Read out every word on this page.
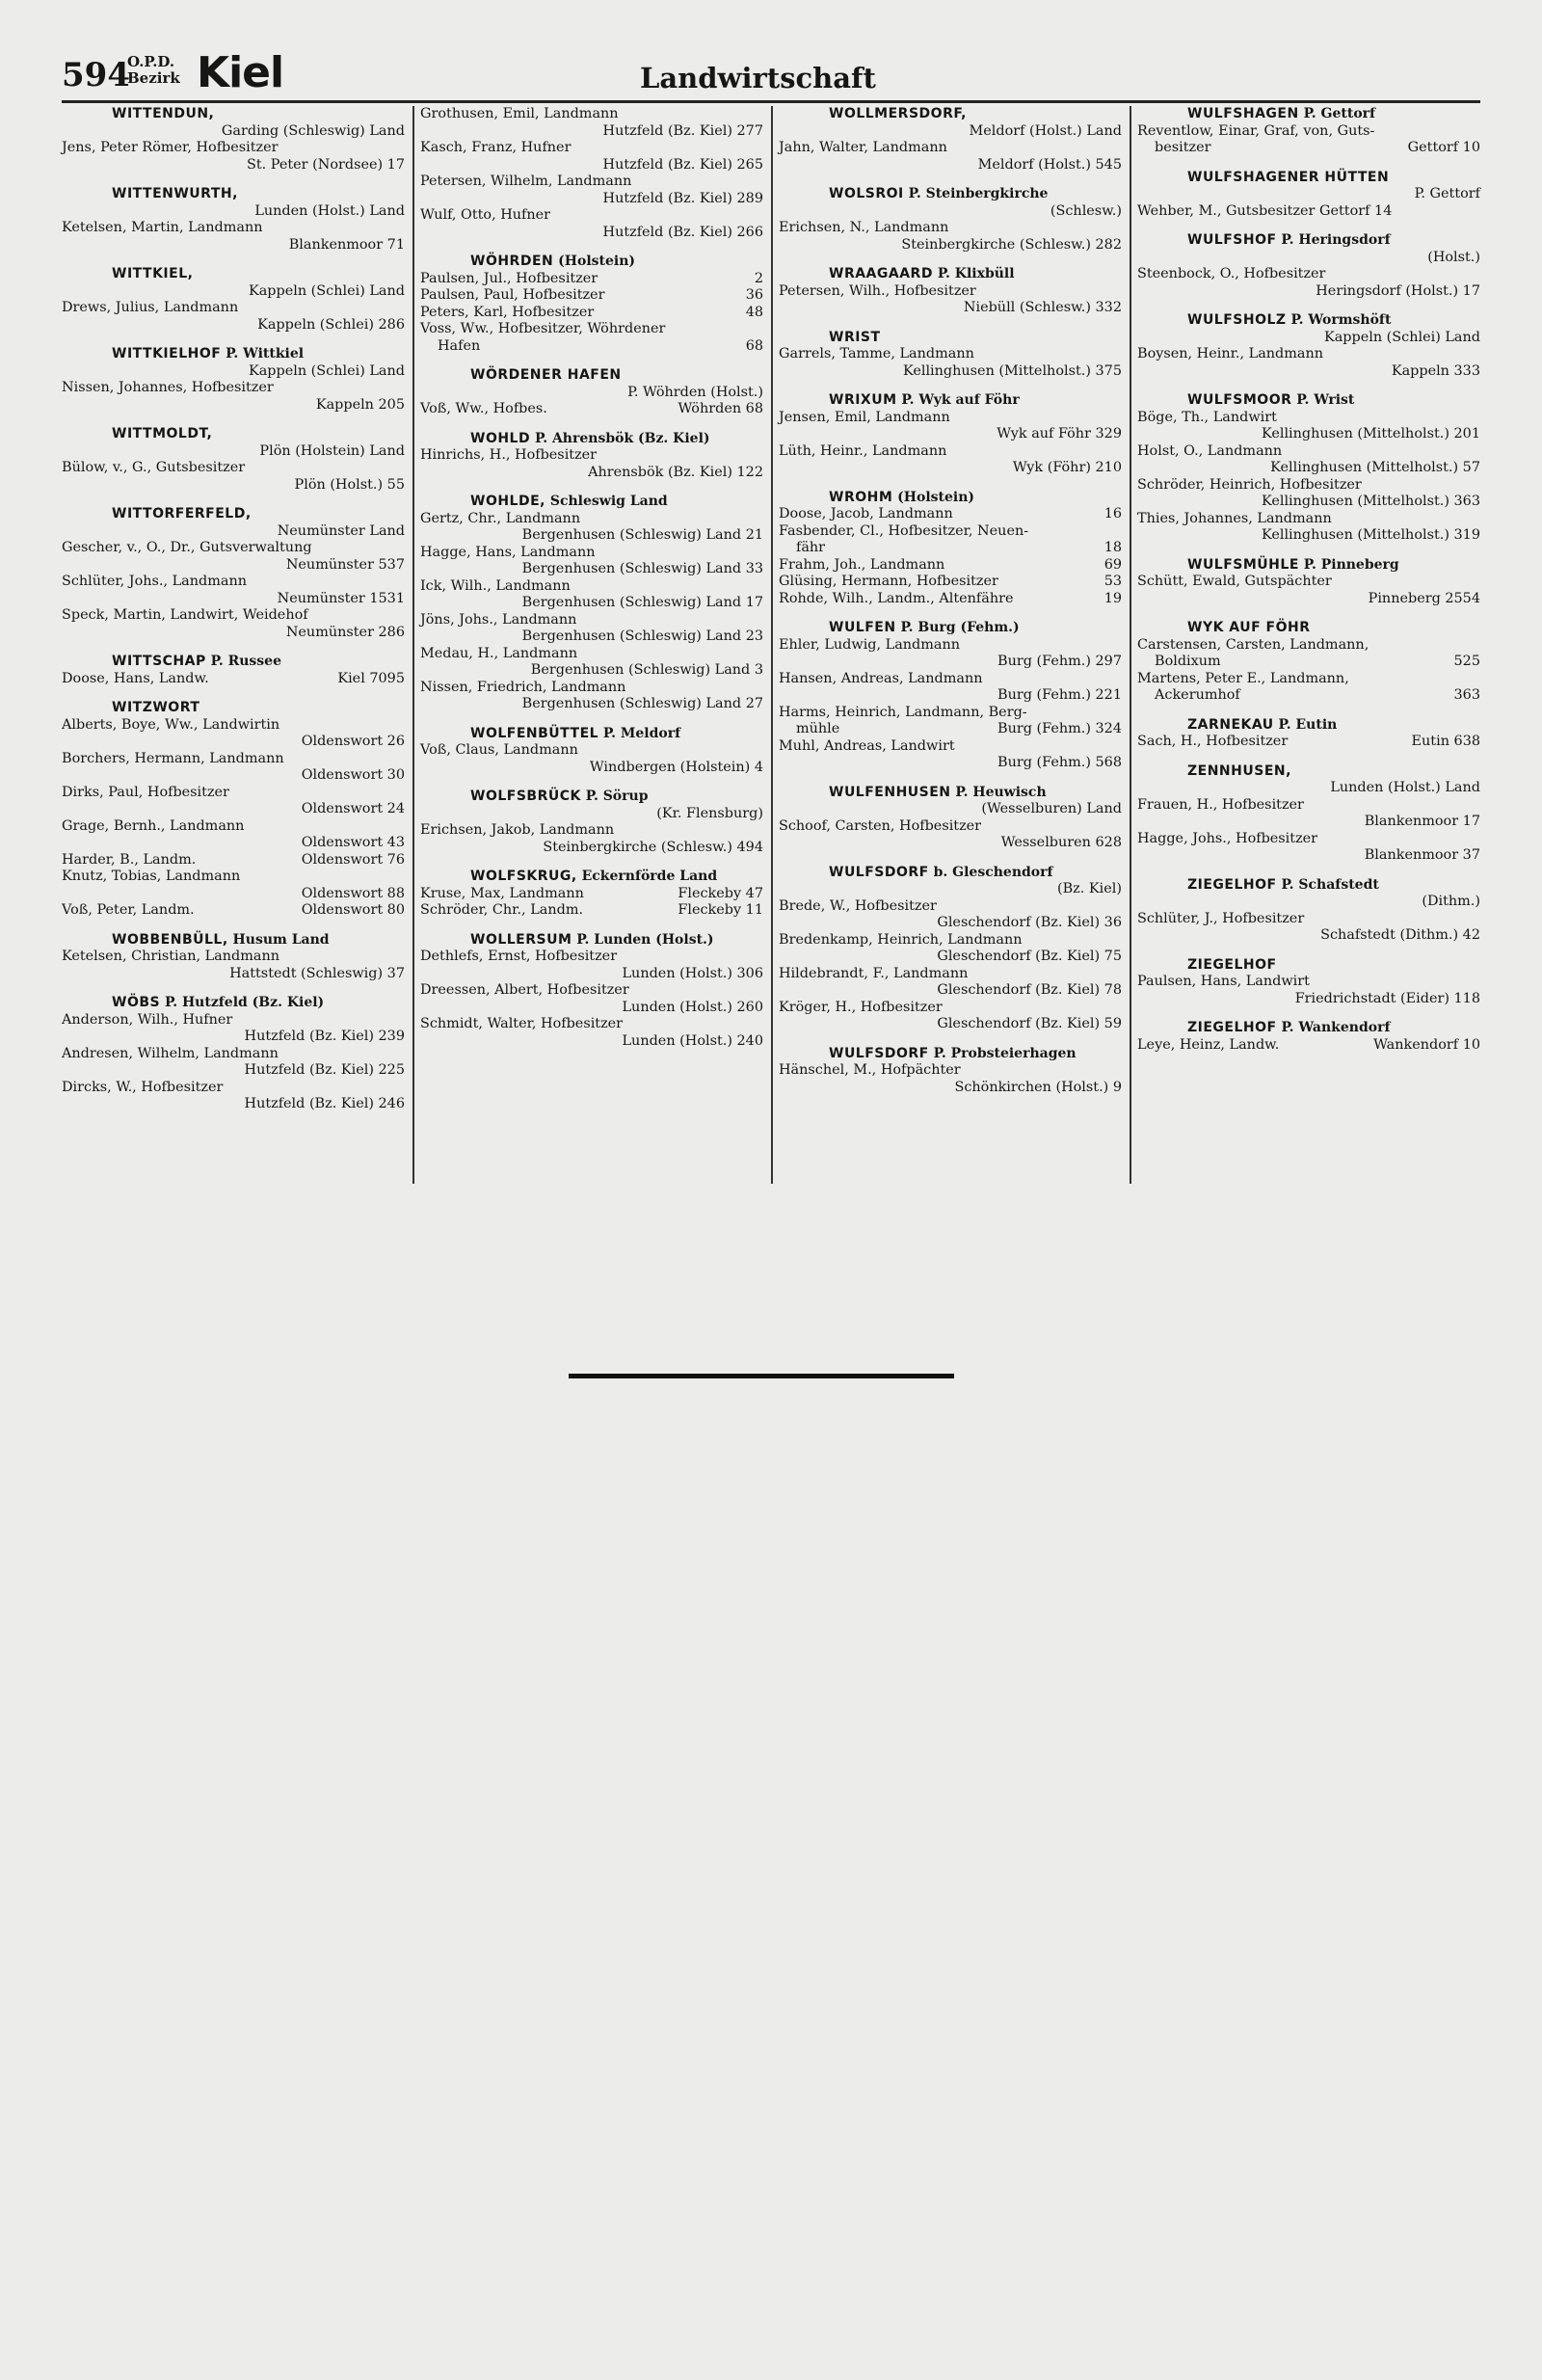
594
O.P.D.
Bezirk Kiel	Landwirtschaft
WITTENDUN,
Garding (Schleswig) Land
Jens, Peter Römer, Hofbesitzer
St. Peter (Nordsee) 17
WITTENWURTH,
Lunden (Holst.) Land
Ketelsen, Martin, Landmann
Blankenmoor 71
WITTKIEL,
Kappeln (Schlei) Land
Drews, Julius, Landmann
Kappeln (Schlei) 286
WITTKIELHOF P. Wittkiel
Kappeln (Schlei) Land
Nissen, Johannes, Hofbesitzer
Kappeln 205
WITTMOLDT,
Plön (Holstein) Land
Bülow, v., G., Gutsbesitzer
Plön (Holst.) 55
WITTORFERFELD,
Neumünster Land
Gescher, v., O., Dr., Gutsverwaltung
Neumünster 537
Schlüter, Johs., Landmann
Neumünster 1531
Speck, Martin, Landwirt, Weidehof
Neumünster 286
WITTSCHAP P. Russee
Doose, Hans, Landw.	Kiel 7095
WITZWORT
Alberts, Boye, Ww., Landwirtin
Oldenswort 26
Borchers, Hermann, Landmann
Oldenswort 30
Dirks, Paul, Hofbesitzer
Oldenswort 24
Grage, Bernh., Landmann
Oldenswort 43
Harder, B., Landm.	Oldenswort 76
Knutz, Tobias, Landmann
Oldenswort 88
Voß, Peter, Landm.	Oldenswort 80
WOBBENBÜLL, Husum Land
Ketelsen, Christian, Landmann
Hattstedt (Schleswig) 37
WÖBS P. Hutzfeld (Bz. Kiel)
Anderson, Wilh., Hufner
Hutzfeld (Bz. Kiel) 239
Andresen, Wilhelm, Landmann
Hutzfeld (Bz. Kiel) 225
Dircks, W., Hofbesitzer
Hutzfeld (Bz. Kiel) 246
Grothusen, Emil, Landmann
Hutzfeld (Bz. Kiel) 277
Kasch, Franz, Hufner
Hutzfeld (Bz. Kiel) 265
Petersen, Wilhelm, Landmann
Hutzfeld (Bz. Kiel) 289
Wulf, Otto, Hufner
Hutzfeld (Bz. Kiel) 266
WÖHRDEN (Holstein)
Paulsen, Jul., Hofbesitzer	2
Paulsen, Paul, Hofbesitzer	36
Peters, Karl, Hofbesitzer	48
Voss, Ww., Hofbesitzer, Wöhrdener
Hafen	68
WÖRDENER HAFEN
P. Wöhrden (Holst.)
Voß, Ww., Hofbes.	Wöhrden 68
WOHLD P. Ahrensbök (Bz. Kiel)
Hinrichs, H., Hofbesitzer
Ahrensbök (Bz. Kiel) 122
WOHLDE, Schleswig Land
Gertz, Chr., Landmann
Bergenhusen (Schleswig) Land 21
Hagge, Hans, Landmann
Bergenhusen (Schleswig) Land 33
Ick, Wilh., Landmann
Bergenhusen (Schleswig) Land 17
Jöns, Johs., Landmann
Bergenhusen (Schleswig) Land 23
Medau, H., Landmann
Bergenhusen (Schleswig) Land 3
Nissen, Friedrich, Landmann
Bergenhusen (Schleswig) Land 27
WOLFENBÜTTEL P. Meldorf
Voß, Claus, Landmann
Windbergen (Holstein) 4
WOLFSBRÜCK P. Sörup
(Kr. Flensburg)
Erichsen, Jakob, Landmann
Steinbergkirche (Schlesw.) 494
WOLFSKRUG, Eckernförde Land
Kruse, Max, Landmann	Fleckeby 47
Schröder, Chr., Landm.	Fleckeby 11
WOLLERSUM P. Lunden (Holst.)
Dethlefs, Ernst, Hofbesitzer
Lunden (Holst.) 306
Dreessen, Albert, Hofbesitzer
Lunden (Holst.) 260
Schmidt, Walter, Hofbesitzer
Lunden (Holst.) 240
WOLLMERSDORF,
Meldorf (Holst.) Land
Jahn, Walter, Landmann
Meldorf (Holst.) 545
WOLSROI P. Steinbergkirche
(Schlesw.)
Erichsen, N., Landmann
Steinbergkirche (Schlesw.) 282
WRAAGAARD P. Klixbüll
Petersen, Wilh., Hofbesitzer
Niebüll (Schlesw.) 332
WRIST
Garrels, Tamme, Landmann
Kellinghusen (Mittelholst.) 375
WRIXUM P. Wyk auf Föhr
Jensen, Emil, Landmann
Wyk auf Föhr 329
Lüth, Heinr., Landmann
Wyk (Föhr) 210
WROHM (Holstein)
Doose, Jacob, Landmann	16
Fasbender, Cl., Hofbesitzer, Neuen-
fähr	18
Frahm, Joh., Landmann	69
Glüsing, Hermann, Hofbesitzer	53
Rohde, Wilh., Landm., Altenfähre	19
WULFEN P. Burg (Fehm.)
Ehler, Ludwig, Landmann
Burg (Fehm.) 297
Hansen, Andreas, Landmann
Burg (Fehm.) 221
Harms, Heinrich, Landmann, Berg-
mühle	Burg (Fehm.) 324
Muhl, Andreas, Landwirt
Burg (Fehm.) 568
WULFENHUSEN P. Heuwisch
(Wesselburen) Land
Schoof, Carsten, Hofbesitzer
Wesselburen 628
WULFSDORF b. Gleschendorf
(Bz. Kiel)
Brede, W., Hofbesitzer
Gleschendorf (Bz. Kiel) 36
Bredenkamp, Heinrich, Landmann
Gleschendorf (Bz. Kiel) 75
Hildebrandt, F., Landmann
Gleschendorf (Bz. Kiel) 78
Kröger, H., Hofbesitzer
Gleschendorf (Bz. Kiel) 59
WULFSDORF P. Probsteierhagen
Hänschel, M., Hofpächter
Schönkirchen (Holst.) 9
WULFSHAGEN P. Gettorf
Reventlow, Einar, Graf, von, Guts-
besitzer	Gettorf 10
WULFSHAGENER HÜTTEN
P. Gettorf
Wehber, M., Gutsbesitzer Gettorf 14
WULFSHOF P. Heringsdorf
(Holst.)
Steenbock, O., Hofbesitzer
Heringsdorf (Holst.) 17
WULFSHOLZ P. Wormshöft
Kappeln (Schlei) Land
Boysen, Heinr., Landmann
Kappeln 333
WULFSMOOR P. Wrist
Böge, Th., Landwirt
Kellinghusen (Mittelholst.) 201
Holst, O., Landmann
Kellinghusen (Mittelholst.) 57
Schröder, Heinrich, Hofbesitzer
Kellinghusen (Mittelholst.) 363
Thies, Johannes, Landmann
Kellinghusen (Mittelholst.) 319
WULFSMÜHLE P. Pinneberg
Schütt, Ewald, Gutspächter
Pinneberg 2554
WYK AUF FÖHR
Carstensen, Carsten, Landmann,
Boldixum	525
Martens, Peter E., Landmann,
Ackerumhof	363
ZARNEKAU P. Eutin
Sach, H., Hofbesitzer	Eutin 638
ZENNHUSEN,
Lunden (Holst.) Land
Frauen, H., Hofbesitzer
Blankenmoor 17
Hagge, Johs., Hofbesitzer
Blankenmoor 37
ZIEGELHOF P. Schafstedt
(Dithm.)
Schlüter, J., Hofbesitzer
Schafstedt (Dithm.) 42
ZIEGELHOF
Paulsen, Hans, Landwirt
Friedrichstadt (Eider) 118
ZIEGELHOF P. Wankendorf
Leye, Heinz, Landw.	Wankendorf 10
